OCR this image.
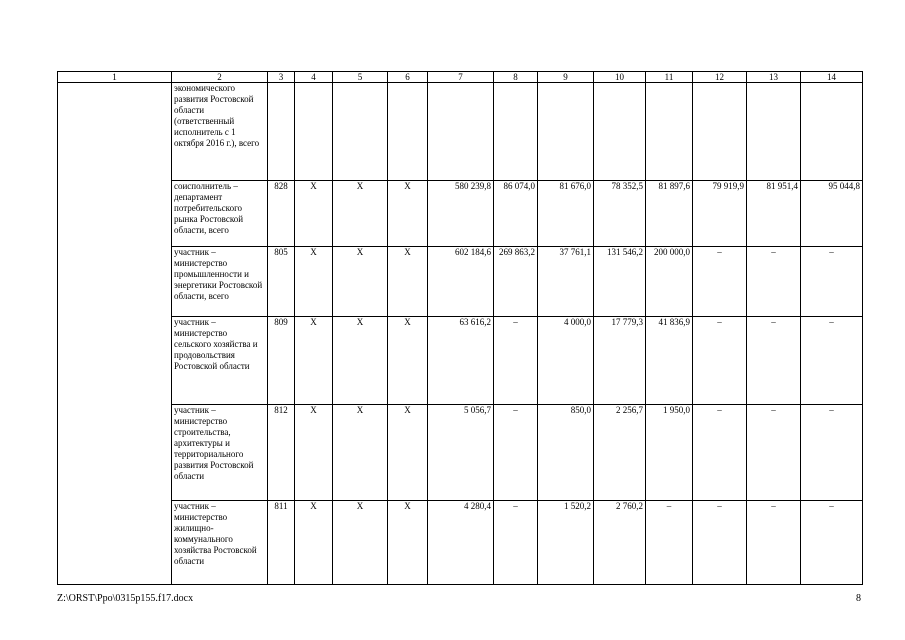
1	2	3	4	5	6	7	8	9	10	11	12	13	14
	экономического развития Ростовской области (ответственный исполнитель с 1 октября 2016 г.), всего												
	соисполнитель – департамент потребительского рынка Ростовской области, всего	828	X	X	X	580 239,8	86 074,0	81 676,0	78 352,5	81 897,6	79 919,9	81 951,4	95 044,8
	участник – министерство промышленности и энергетики Ростовской области, всего	805	X	X	X	602 184,6	269 863,2	37 761,1	131 546,2	200 000,0	–	–	–
	участник – министерство сельского хозяйства и продовольствия Ростовской области	809	X	X	X	63 616,2	–	4 000,0	17 779,3	41 836,9	–	–	–
	участник – министерство строительства, архитектуры и территориального развития Ростовской области	812	X	X	X	5 056,7	–	850,0	2 256,7	1 950,0	–	–	–
	участник – министерство жилищно-коммунального хозяйства Ростовской области	811	X	X	X	4 280,4	–	1 520,2	2 760,2	–	–	–	–
Z:\ORST\Ppo\0315p155.f17.docx	8
